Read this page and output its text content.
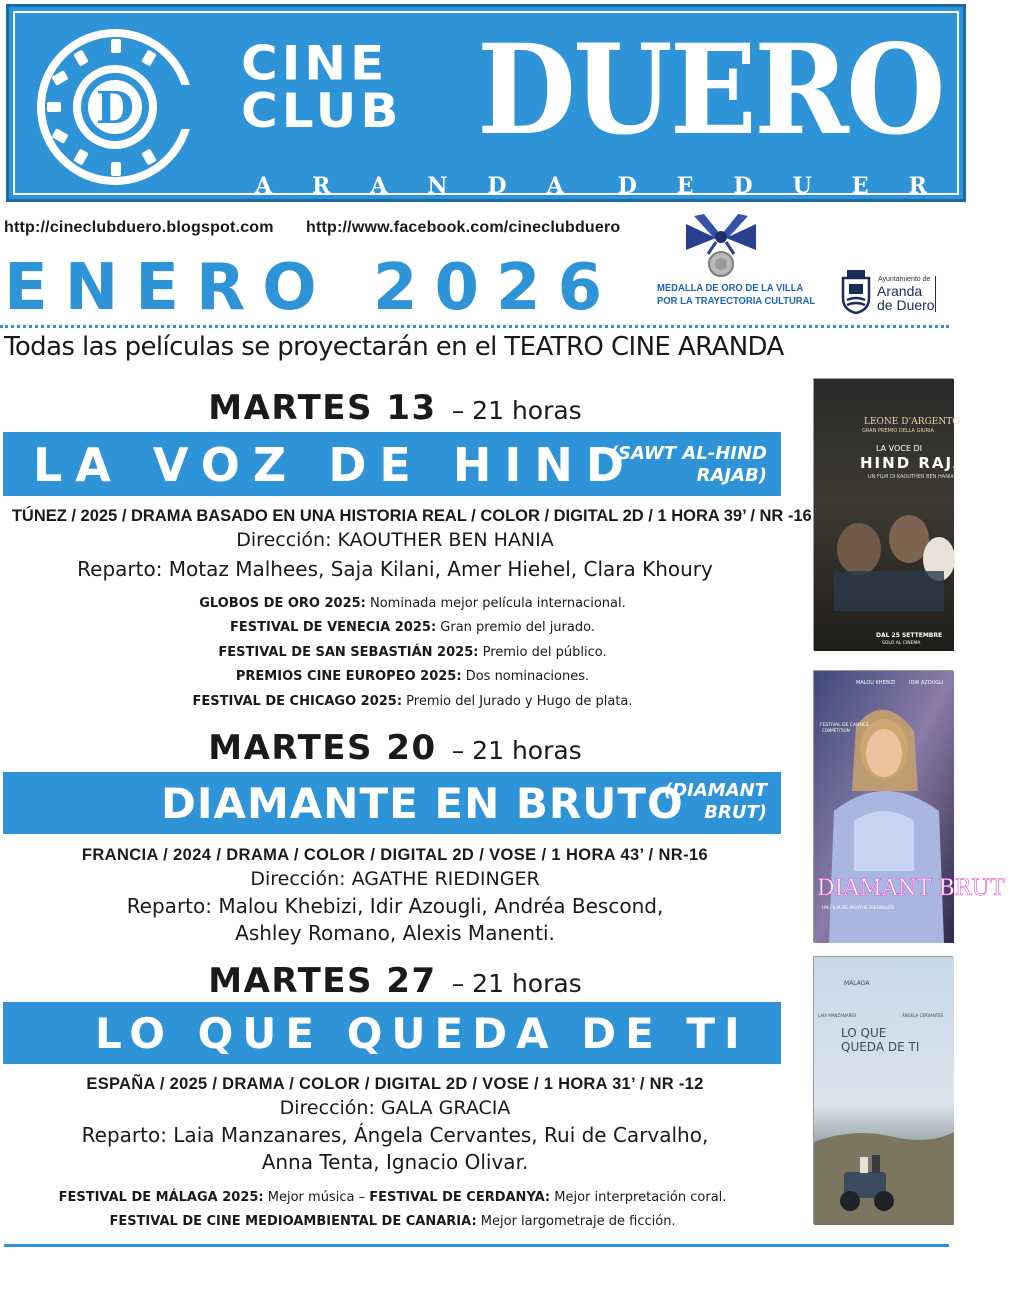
D
CINE
CLUB DUERO
ARANDA DE DUERO
http://cineclubduero.blogspot.com http://www.facebook.com/cineclubduero
ENERO 2026	MEDALLA DE ORO DE LA VILLA
POR LA TRAYECTORIA CULTURAL
Ayuntamiento de
Aranda
de Duero
Todas las películas se proyectarán en el TEATRO CINE ARANDA
MARTES 13 – 21 horas
LA VOZ DE HIND
(SAWT AL-HIND
RAJAB)
TÚNEZ / 2025 / DRAMA BASADO EN UNA HISTORIA REAL / COLOR / DIGITAL 2D / 1 HORA 39’ / NR -16
Dirección: KAOUTHER BEN HANIA
Reparto: Motaz Malhees, Saja Kilani, Amer Hiehel, Clara Khoury
GLOBOS DE ORO 2025: Nominada mejor película internacional.
FESTIVAL DE VENECIA 2025: Gran premio del jurado.
FESTIVAL DE SAN SEBASTIÁN 2025: Premio del público.
PREMIOS CINE EUROPEO 2025: Dos nominaciones.
FESTIVAL DE CHICAGO 2025: Premio del Jurado y Hugo de plata.
MARTES 20 – 21 horas
DIAMANTE EN BRUTO
(DIAMANT
BRUT)
FRANCIA / 2024 / DRAMA / COLOR / DIGITAL 2D / VOSE / 1 HORA 43’ / NR-16
Dirección: AGATHE RIEDINGER
Reparto: Malou Khebizi, Idir Azougli, Andréa Bescond,
Ashley Romano, Alexis Manenti.
MARTES 27 – 21 horas
LO QUE QUEDA DE TI
ESPAÑA / 2025 / DRAMA / COLOR / DIGITAL 2D / VOSE / 1 HORA 31’ / NR -12
Dirección: GALA GRACIA
Reparto: Laia Manzanares, Ángela Cervantes, Rui de Carvalho,
Anna Tenta, Ignacio Olivar.
FESTIVAL DE MÁLAGA 2025: Mejor música – FESTIVAL DE CERDANYA: Mejor interpretación coral.
FESTIVAL DE CINE MEDIOAMBIENTAL DE CANARIA: Mejor largometraje de ficción.
LEONE D’ARGENTO
GRAN PREMIO DELLA GIURIA
LA VOCE DI
HIND RAJAB
UN FILM DI KAOUTHER BEN HANIA
DAL 25 SETTEMBRE
SOLO AL CINEMA
MALOU KHEBIZI	IDIR AZOUGLI
FESTIVAL DE CANNES
COMPÉTITION
DIAMANT BRUT
UN FILM DE AGATHE RIEDINGER
MÁLAGA
LAIA MANZANARES	ÁNGELA CERVANTES
LO QUE
QUEDA DE TI
